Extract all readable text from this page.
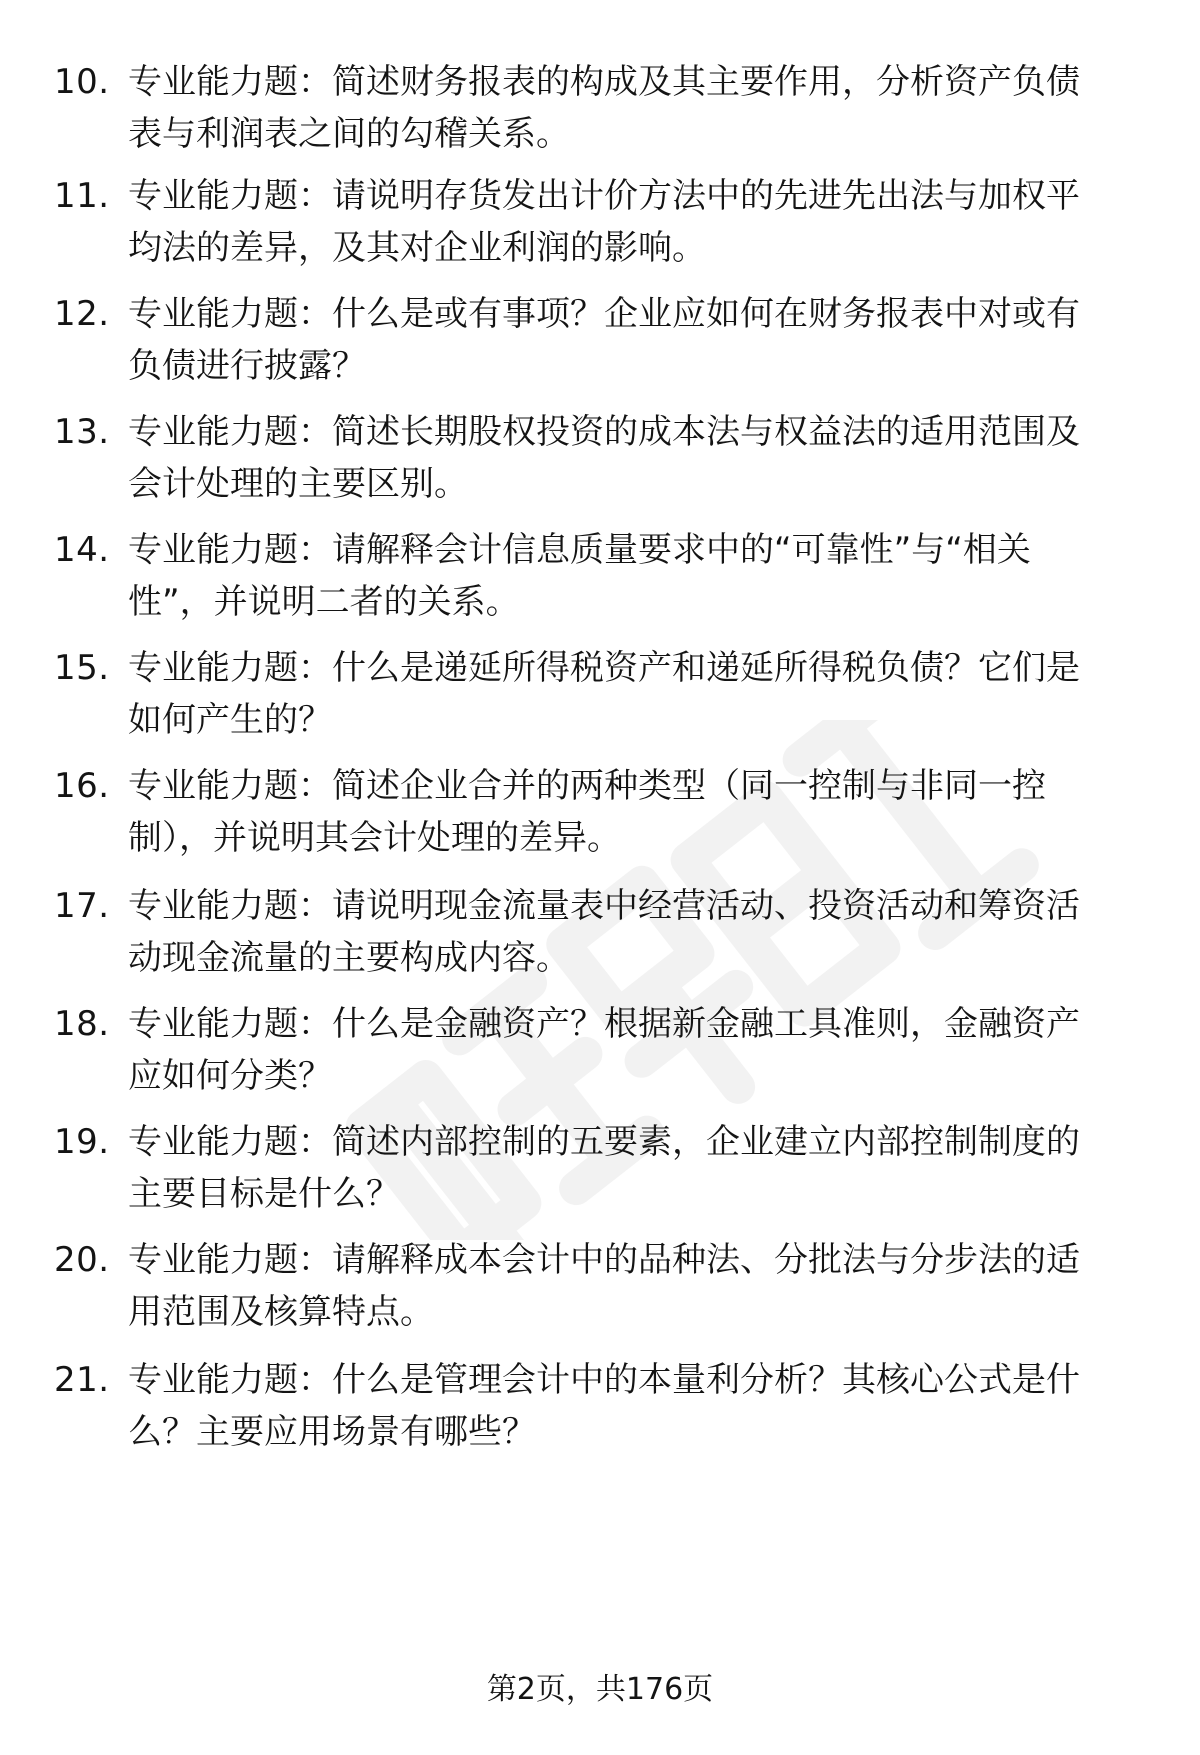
10. 专业能力题：简述财务报表的构成及其主要作用，分析资产负债
表与利润表之间的勾稽关系。
11. 专业能力题：请说明存货发出计价方法中的先进先出法与加权平
均法的差异，及其对企业利润的影响。
12. 专业能力题：什么是或有事项？企业应如何在财务报表中对或有
负债进行披露？
13. 专业能力题：简述长期股权投资的成本法与权益法的适用范围及
会计处理的主要区别。
14. 专业能力题：请解释会计信息质量要求中的“可靠性”与“相关
性”，并说明二者的关系。
15. 专业能力题：什么是递延所得税资产和递延所得税负债？它们是
如何产生的？
16. 专业能力题：简述企业合并的两种类型（同一控制与非同一控
制），并说明其会计处理的差异。
17. 专业能力题：请说明现金流量表中经营活动、投资活动和筹资活
动现金流量的主要构成内容。
18. 专业能力题：什么是金融资产？根据新金融工具准则，金融资产
应如何分类？
19. 专业能力题：简述内部控制的五要素，企业建立内部控制制度的
主要目标是什么？
20. 专业能力题：请解释成本会计中的品种法、分批法与分步法的适
用范围及核算特点。
21. 专业能力题：什么是管理会计中的本量利分析？其核心公式是什
么？主要应用场景有哪些？
第2页，共176页
